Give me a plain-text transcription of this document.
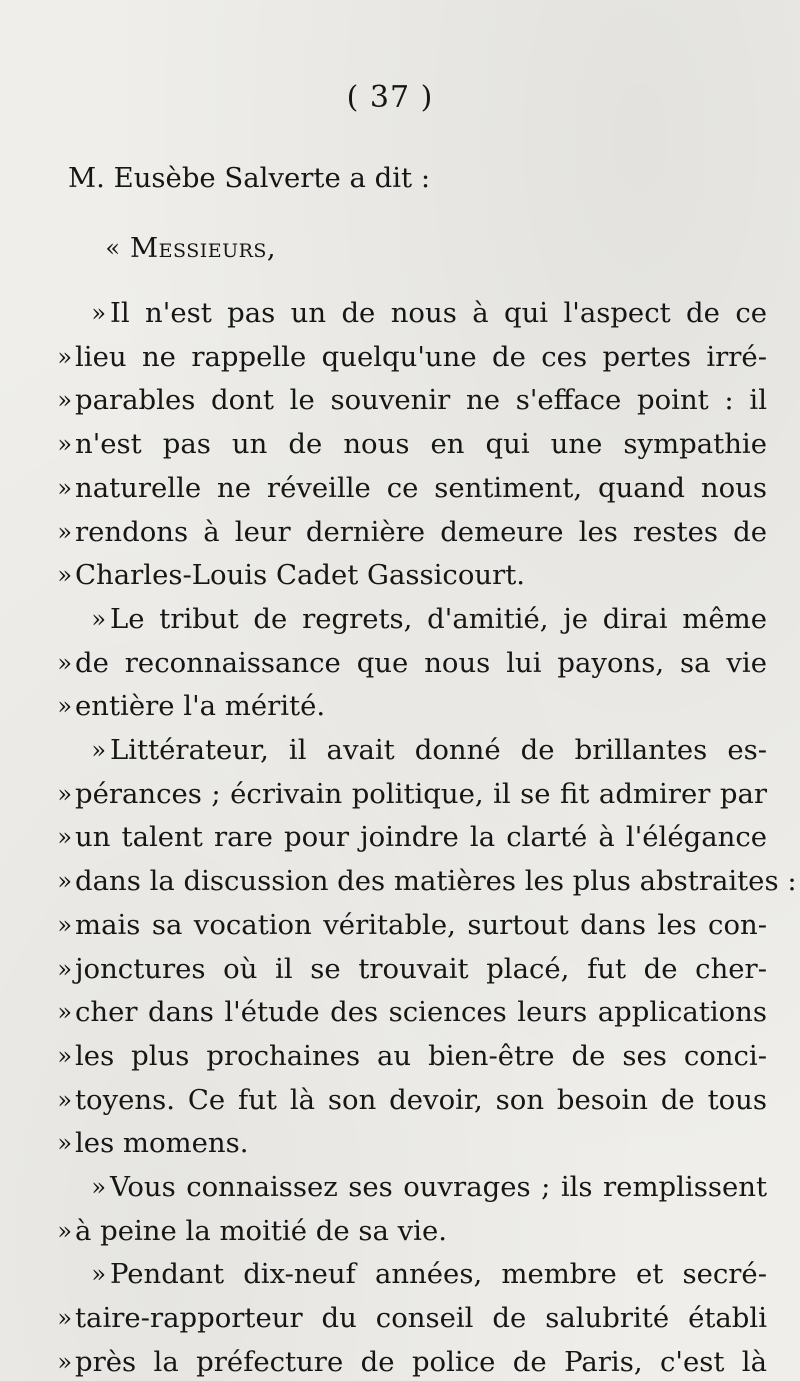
( 37 )
M. Eusèbe Salverte a dit :
« Messieurs,
» Il n'est pas un de nous à qui l'aspect de ce
» lieu ne rappelle quelqu'une de ces pertes irré-
» parables dont le souvenir ne s'efface point : il
» n'est pas un de nous en qui une sympathie
» naturelle ne réveille ce sentiment, quand nous
» rendons à leur dernière demeure les restes de
» Charles-Louis Cadet Gassicourt.
» Le tribut de regrets, d'amitié, je dirai même
» de reconnaissance que nous lui payons, sa vie
» entière l'a mérité.
» Littérateur, il avait donné de brillantes es-
» pérances ; écrivain politique, il se fit admirer par
» un talent rare pour joindre la clarté à l'élégance
» dans la discussion des matières les plus abstraites :
» mais sa vocation véritable, surtout dans les con-
» jonctures où il se trouvait placé, fut de cher-
» cher dans l'étude des sciences leurs applications
» les plus prochaines au bien-être de ses conci-
» toyens. Ce fut là son devoir, son besoin de tous
» les momens.
» Vous connaissez ses ouvrages ; ils remplissent
» à peine la moitié de sa vie.
» Pendant dix-neuf années, membre et secré-
» taire-rapporteur du conseil de salubrité établi
» près la préfecture de police de Paris, c'est là
